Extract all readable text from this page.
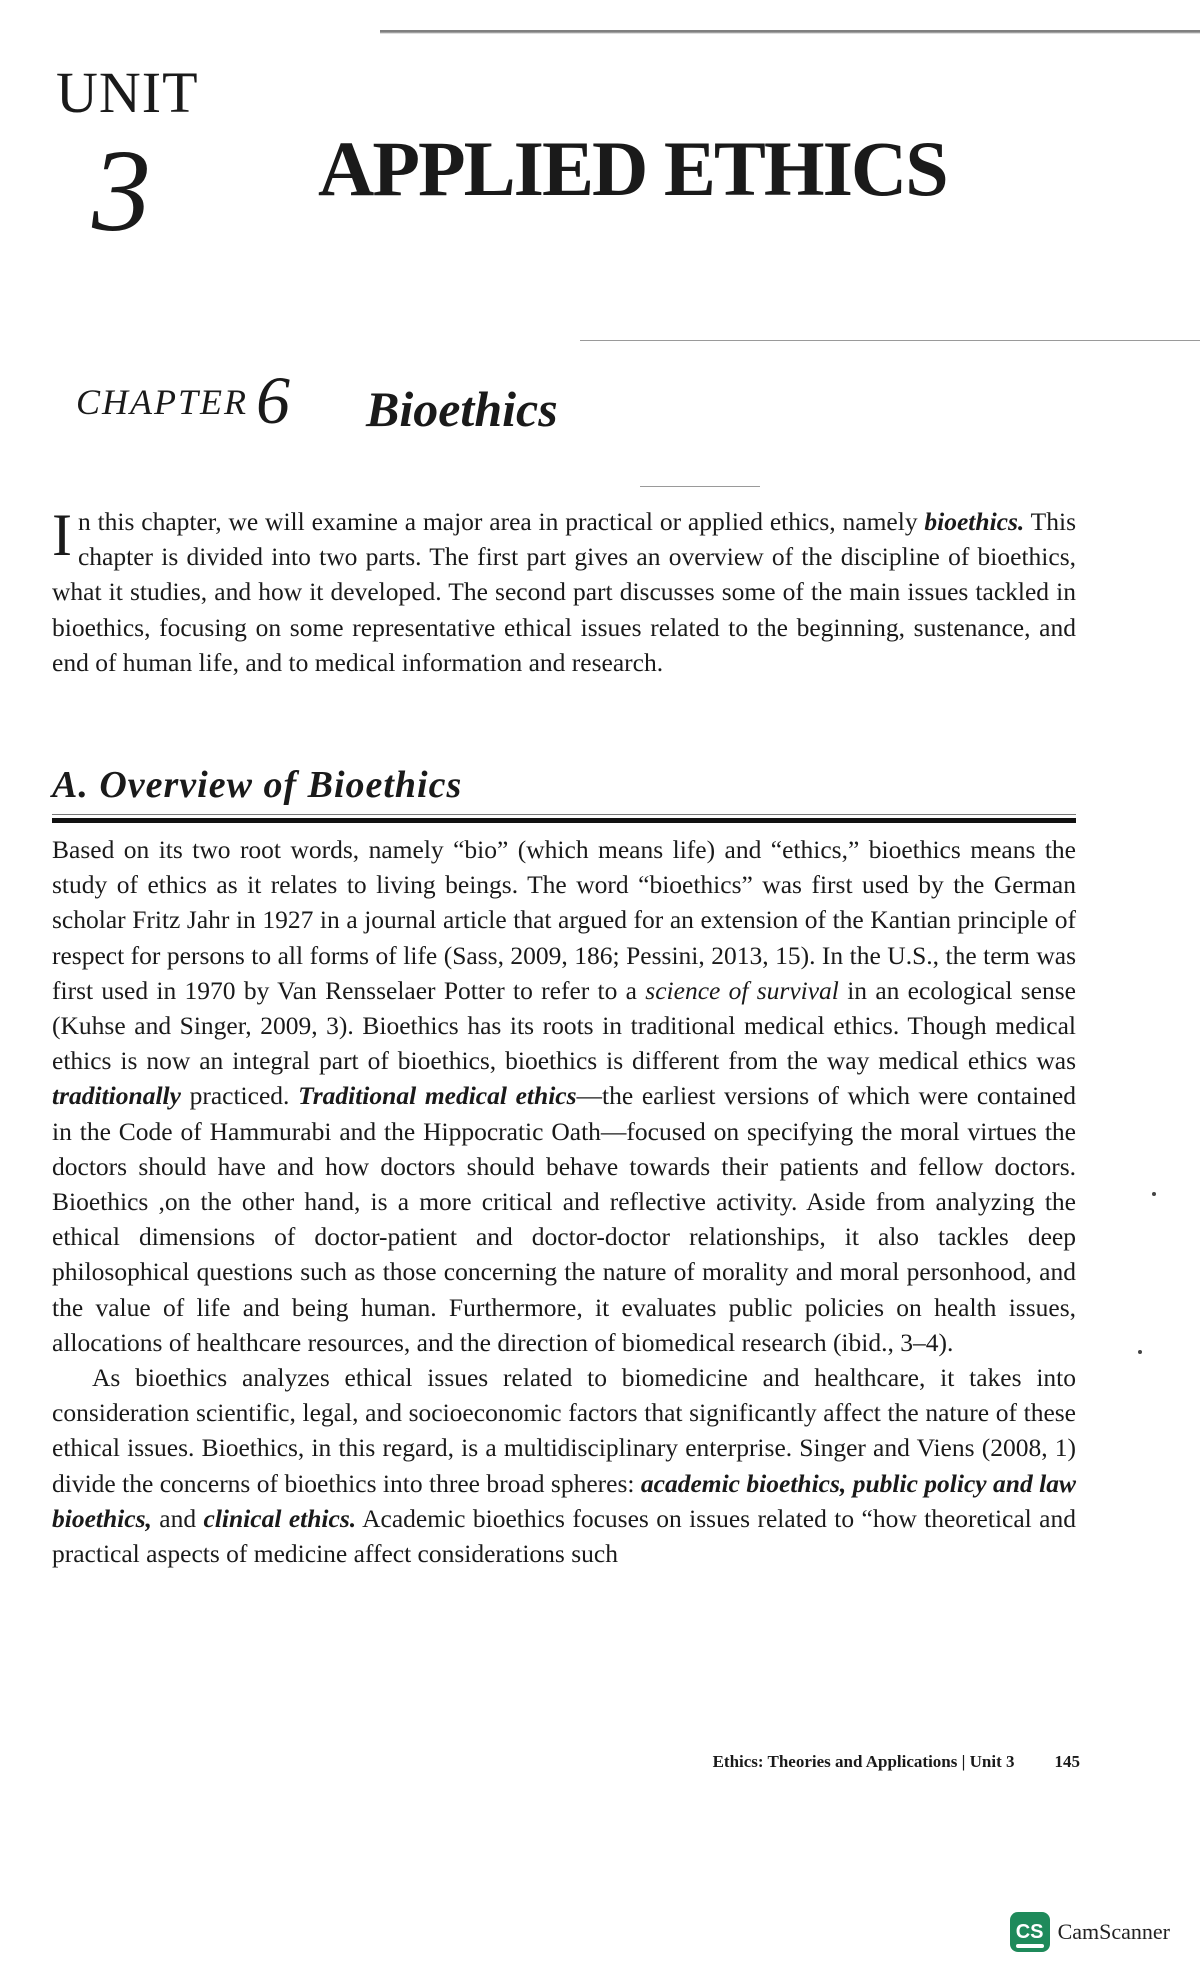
UNIT
3 APPLIED ETHICS
CHAPTER 6 Bioethics

In this chapter, we will examine a major area in practical or applied ethics, namely bioethics. This chapter is divided into two parts. The first part gives an overview of the discipline of bioethics, what it studies, and how it developed. The second part discusses some of the main issues tackled in bioethics, focusing on some representative ethical issues related to the beginning, sustenance, and end of human life, and to medical information and research.

A. Overview of Bioethics

Based on its two root words, namely “bio” (which means life) and “ethics,” bioethics means the study of ethics as it relates to living beings. The word “bioethics” was first used by the German scholar Fritz Jahr in 1927 in a journal article that argued for an extension of the Kantian principle of respect for persons to all forms of life (Sass, 2009, 186; Pessini, 2013, 15). In the U.S., the term was first used in 1970 by Van Rensselaer Potter to refer to a science of survival in an ecological sense (Kuhse and Singer, 2009, 3). Bioethics has its roots in traditional medical ethics. Though medical ethics is now an integral part of bioethics, bioethics is different from the way medical ethics was traditionally practiced. Traditional medical ethics—the earliest versions of which were contained in the Code of Hammurabi and the Hippocratic Oath—focused on specifying the moral virtues the doctors should have and how doctors should behave towards their patients and fellow doctors. Bioethics ,on the other hand, is a more critical and reflective activity. Aside from analyzing the ethical dimensions of doctor-patient and doctor-doctor relationships, it also tackles deep philosophical questions such as those concerning the nature of morality and moral personhood, and the value of life and being human. Furthermore, it evaluates public policies on health issues, allocations of healthcare resources, and the direction of biomedical research (ibid., 3–4).

As bioethics analyzes ethical issues related to biomedicine and healthcare, it takes into consideration scientific, legal, and socioeconomic factors that significantly affect the nature of these ethical issues. Bioethics, in this regard, is a multidisciplinary enterprise. Singer and Viens (2008, 1) divide the concerns of bioethics into three broad spheres: academic bioethics, public policy and law bioethics, and clinical ethics. Academic bioethics focuses on issues related to “how theoretical and practical aspects of medicine affect considerations such

Ethics: Theories and Applications | Unit 3 145
CS CamScanner
